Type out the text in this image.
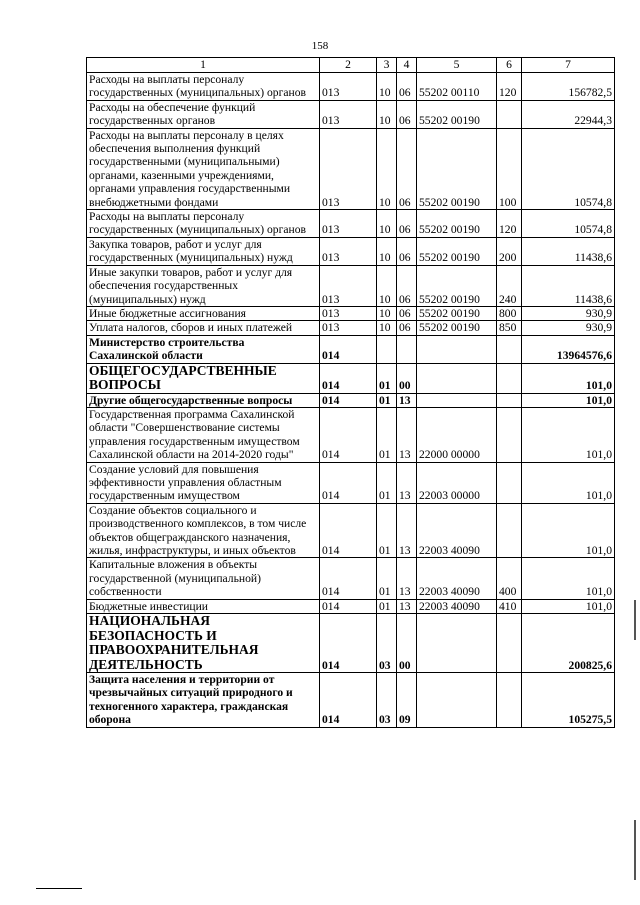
158
1	2	3	4	5	6	7
Расходы на выплаты персоналу государственных (муниципальных) органов	013	10	06	55202 00110	120	156782,5
Расходы на обеспечение функций государственных органов	013	10	06	55202 00190		22944,3
Расходы на выплаты персоналу в целях обеспечения выполнения функций государственными (муниципальными) органами, казенными учреждениями, органами управления государственными внебюджетными фондами	013	10	06	55202 00190	100	10574,8
Расходы на выплаты персоналу государственных (муниципальных) органов	013	10	06	55202 00190	120	10574,8
Закупка товаров, работ и услуг для государственных (муниципальных) нужд	013	10	06	55202 00190	200	11438,6
Иные закупки товаров, работ и услуг для обеспечения государственных (муниципальных) нужд	013	10	06	55202 00190	240	11438,6
Иные бюджетные ассигнования	013	10	06	55202 00190	800	930,9
Уплата налогов, сборов и иных платежей	013	10	06	55202 00190	850	930,9
Министерство строительства Сахалинской области	014					13964576,6
ОБЩЕГОСУДАРСТВЕННЫЕ ВОПРОСЫ	014	01	00			101,0
Другие общегосударственные вопросы	014	01	13			101,0
Государственная программа Сахалинской области "Совершенствование системы управления государственным имуществом Сахалинской области на 2014-2020 годы"	014	01	13	22000 00000		101,0
Создание условий для повышения эффективности управления областным государственным имуществом	014	01	13	22003 00000		101,0
Создание объектов социального и производственного комплексов, в том числе объектов общегражданского назначения, жилья, инфраструктуры, и иных объектов	014	01	13	22003 40090		101,0
Капитальные вложения в объекты государственной (муниципальной) собственности	014	01	13	22003 40090	400	101,0
Бюджетные инвестиции	014	01	13	22003 40090	410	101,0
НАЦИОНАЛЬНАЯ БЕЗОПАСНОСТЬ И ПРАВООХРАНИТЕЛЬНАЯ ДЕЯТЕЛЬНОСТЬ	014	03	00			200825,6
Защита населения и территории от чрезвычайных ситуаций природного и техногенного характера, гражданская оборона	014	03	09			105275,5
